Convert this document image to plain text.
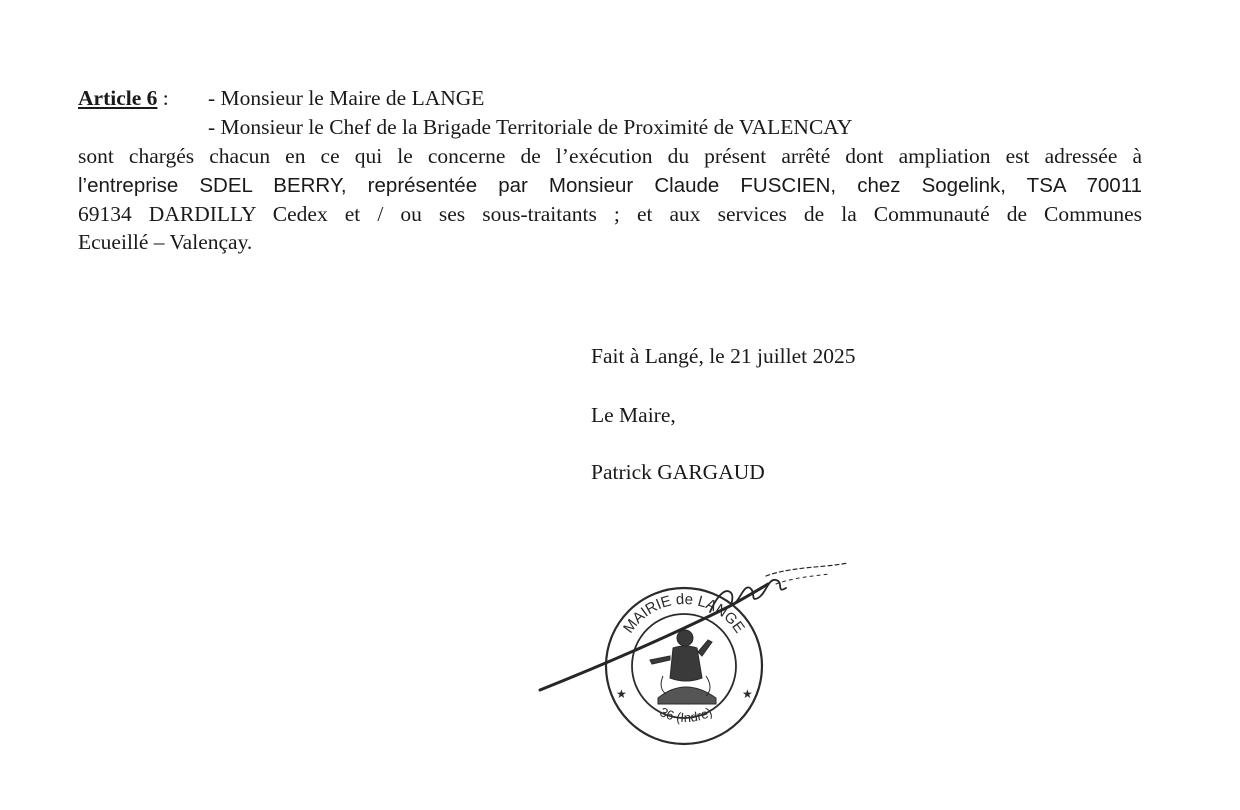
Article 6 : - Monsieur le Maire de LANGE
- Monsieur le Chef de la Brigade Territoriale de Proximité de VALENCAY
sont chargés chacun en ce qui le concerne de l’exécution du présent arrêté dont ampliation est adressée à
l’entreprise SDEL BERRY, représentée par Monsieur Claude FUSCIEN, chez Sogelink, TSA 70011
69134 DARDILLY Cedex et / ou ses sous-traitants ; et aux services de la Communauté de Communes
Ecueillé – Valençay.
Fait à Langé, le 21 juillet 2025
Le Maire,
Patrick GARGAUD
MAIRIE de LANGE
36 (Indre)
★	★
